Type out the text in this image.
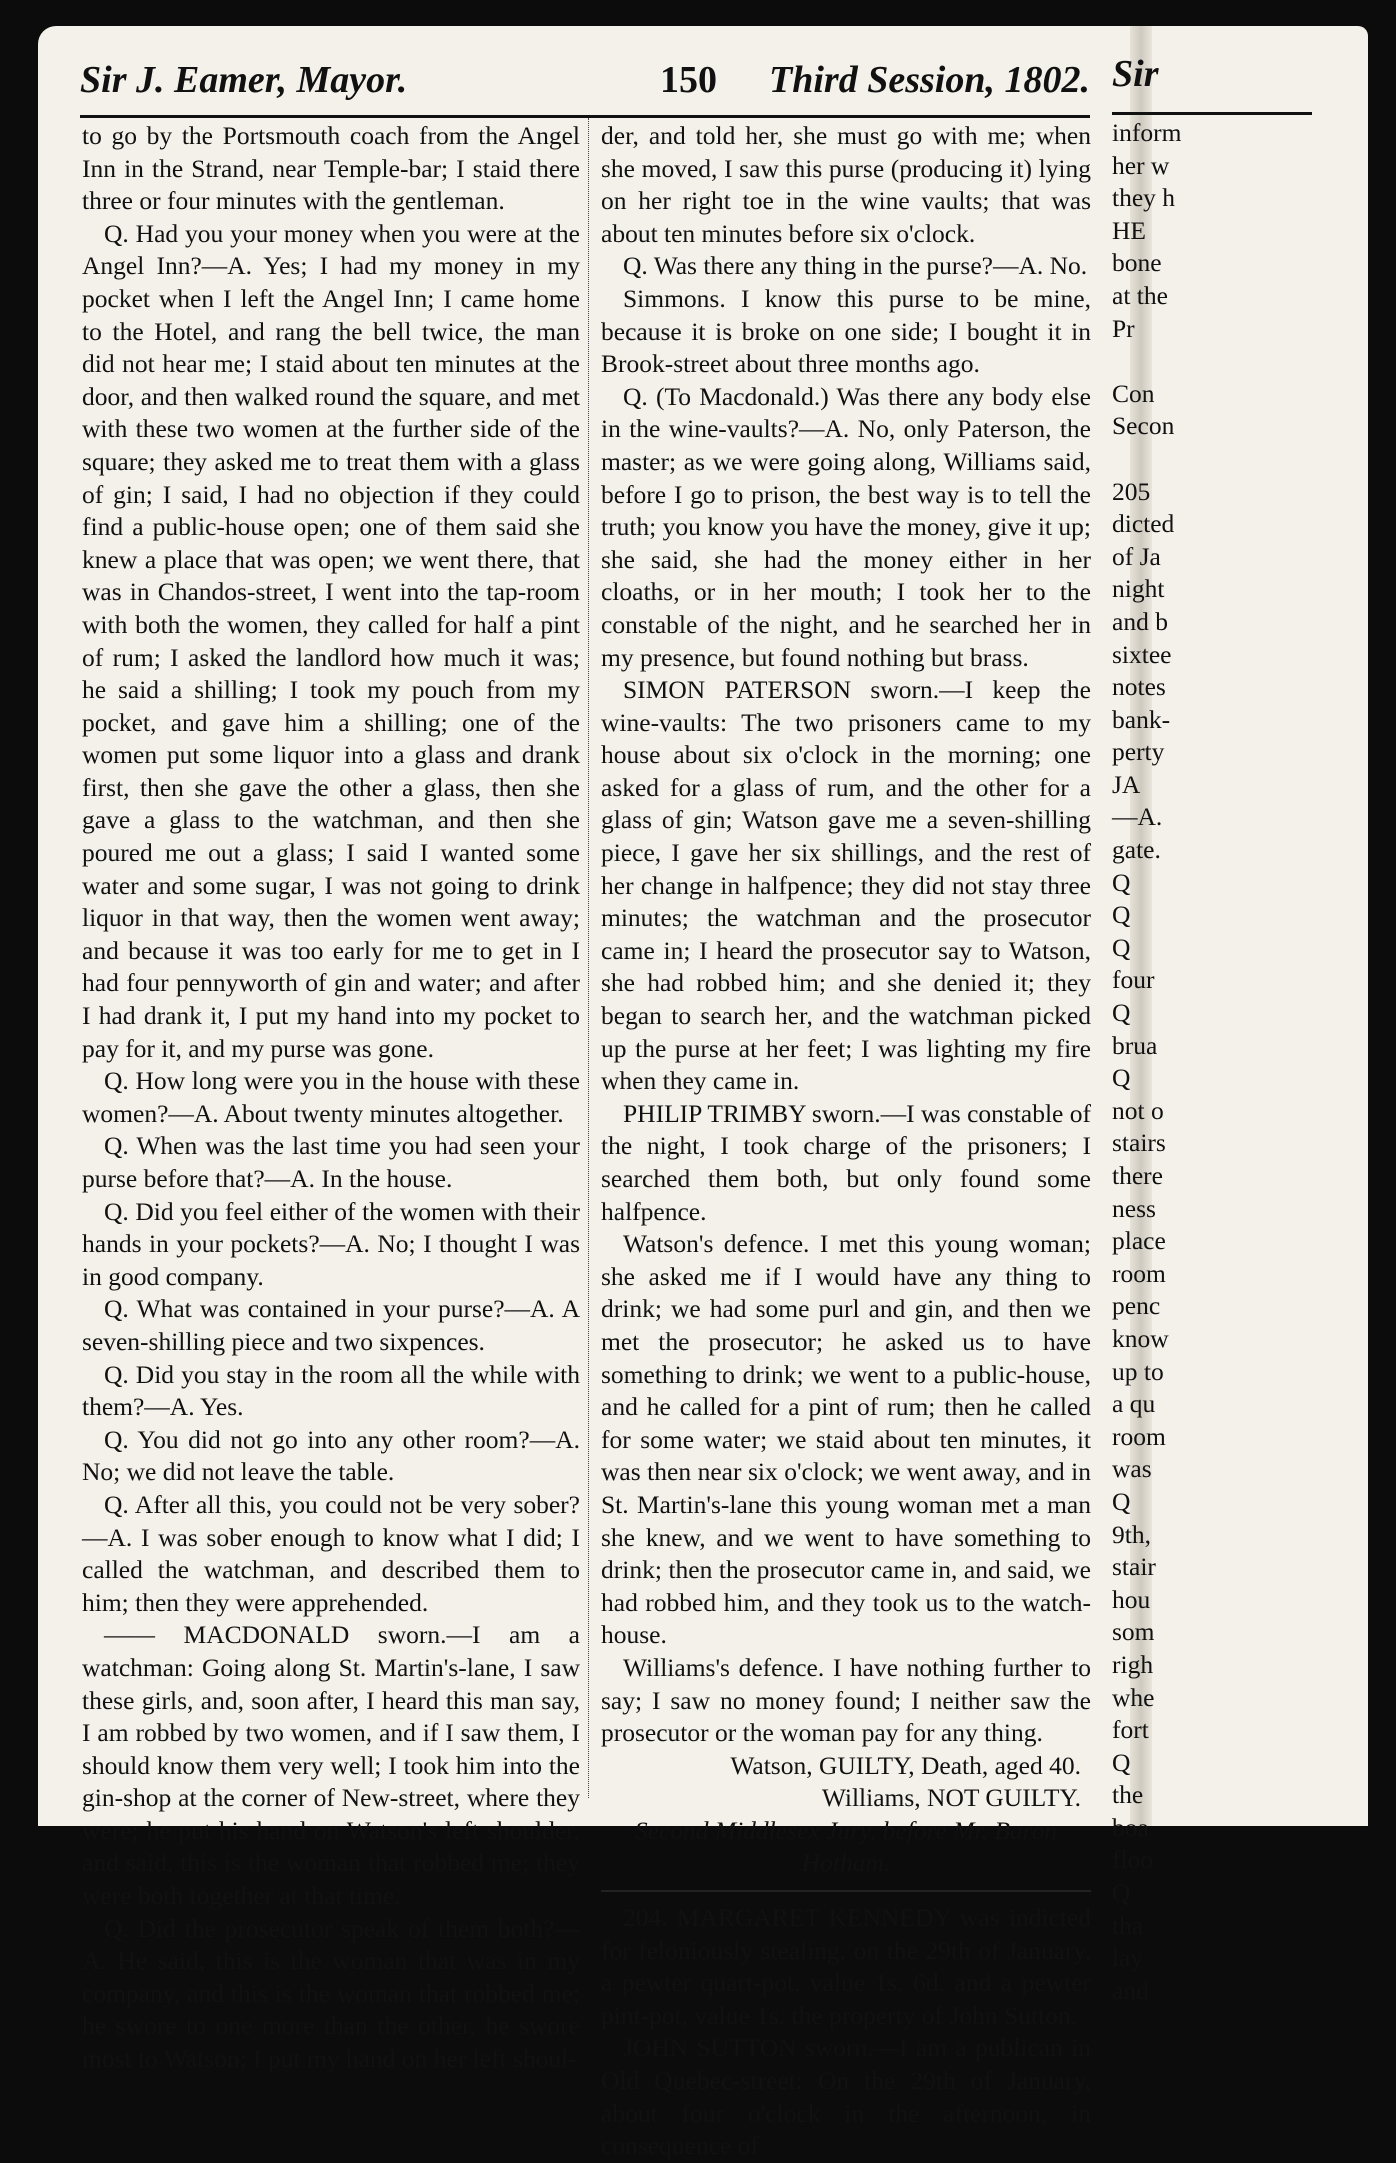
Sir J. Eamer, Mayor.	150 Third Session, 1802.

to go by the Portsmouth coach from the Angel Inn in the Strand, near Temple-bar; I staid there three or four minutes with the gentleman.

Q. Had you your money when you were at the Angel Inn?—A. Yes; I had my money in my pocket when I left the Angel Inn; I came home to the Hotel, and rang the bell twice, the man did not hear me; I staid about ten minutes at the door, and then walked round the square, and met with these two women at the further side of the square; they asked me to treat them with a glass of gin; I said, I had no objection if they could find a public-house open; one of them said she knew a place that was open; we went there, that was in Chandos-street, I went into the tap-room with both the women, they called for half a pint of rum; I asked the landlord how much it was; he said a shilling; I took my pouch from my pocket, and gave him a shilling; one of the women put some liquor into a glass and drank first, then she gave the other a glass, then she gave a glass to the watchman, and then she poured me out a glass; I said I wanted some water and some sugar, I was not going to drink liquor in that way, then the women went away; and because it was too early for me to get in I had four pennyworth of gin and water; and after I had drank it, I put my hand into my pocket to pay for it, and my purse was gone.

Q. How long were you in the house with these women?—A. About twenty minutes altogether.

Q. When was the last time you had seen your purse before that?—A. In the house.

Q. Did you feel either of the women with their hands in your pockets?—A. No; I thought I was in good company.

Q. What was contained in your purse?—A. A seven-shilling piece and two sixpences.

Q. Did you stay in the room all the while with them?—A. Yes.

Q. You did not go into any other room?—A. No; we did not leave the table.

Q. After all this, you could not be very sober?—A. I was sober enough to know what I did; I called the watchman, and described them to him; then they were apprehended.

—— MACDONALD sworn.—I am a watchman: Going along St. Martin's-lane, I saw these girls, and, soon after, I heard this man say, I am robbed by two women, and if I saw them, I should know them very well; I took him into the gin-shop at the corner of New-street, where they were; he put his hand on Watson's left shoulder, and said, this is the woman that robbed me; they were both together at that time.

Q. Did the prosecutor speak of them both?—A. He said, this is the woman that was in my company, and this is the woman that robbed me; he swore to one more than the other, he swore most to Watson; I put my hand on her left shoul-

der, and told her, she must go with me; when she moved, I saw this purse (producing it) lying on her right toe in the wine vaults; that was about ten minutes before six o'clock.

Q. Was there any thing in the purse?—A. No.

Simmons. I know this purse to be mine, because it is broke on one side; I bought it in Brook-street about three months ago.

Q. (To Macdonald.) Was there any body else in the wine-vaults?—A. No, only Paterson, the master; as we were going along, Williams said, before I go to prison, the best way is to tell the truth; you know you have the money, give it up; she said, she had the money either in her cloaths, or in her mouth; I took her to the constable of the night, and he searched her in my presence, but found nothing but brass.

SIMON PATERSON sworn.—I keep the wine-vaults: The two prisoners came to my house about six o'clock in the morning; one asked for a glass of rum, and the other for a glass of gin; Watson gave me a seven-shilling piece, I gave her six shillings, and the rest of her change in halfpence; they did not stay three minutes; the watchman and the prosecutor came in; I heard the prosecutor say to Watson, she had robbed him; and she denied it; they began to search her, and the watchman picked up the purse at her feet; I was lighting my fire when they came in.

PHILIP TRIMBY sworn.—I was constable of the night, I took charge of the prisoners; I searched them both, but only found some halfpence.

Watson's defence. I met this young woman; she asked me if I would have any thing to drink; we had some purl and gin, and then we met the prosecutor; he asked us to have something to drink; we went to a public-house, and he called for a pint of rum; then he called for some water; we staid about ten minutes, it was then near six o'clock; we went away, and in St. Martin's-lane this young woman met a man she knew, and we went to have something to drink; then the prosecutor came in, and said, we had robbed him, and they took us to the watch-house.

Williams's defence. I have nothing further to say; I saw no money found; I neither saw the prosecutor or the woman pay for any thing.

Watson, GUILTY, Death, aged 40.

Williams, NOT GUILTY.

Second Middlesex Jury, before Mr. Baron Hotham.

204. MARGARET KENNEDY was indicted for feloniously stealing, on the 29th of January, a pewter quart-pot, value 1s. 6d. and a pewter pint-pot, value 1s. the property of John Sutton.

JOHN SUTTON sworn.—I am a publican in Old Quebec-street: On the 29th of January, about four o'clock in the afternoon, in consequence of

Sir
inform
her w
they h
HE
bone
at the
Pr
Con
Secon
205
dicted
of Ja
night
and b
sixtee
notes
bank-
perty
JA
—A.
gate.
Q
Q
Q
four
Q
brua
Q
not o
stairs
there
ness
place
room
penc
know
up to
a qu
room
was
Q
9th,
stair
hou
som
righ
whe
fort
Q
the
boa
floo
Q
tha
lay
and
